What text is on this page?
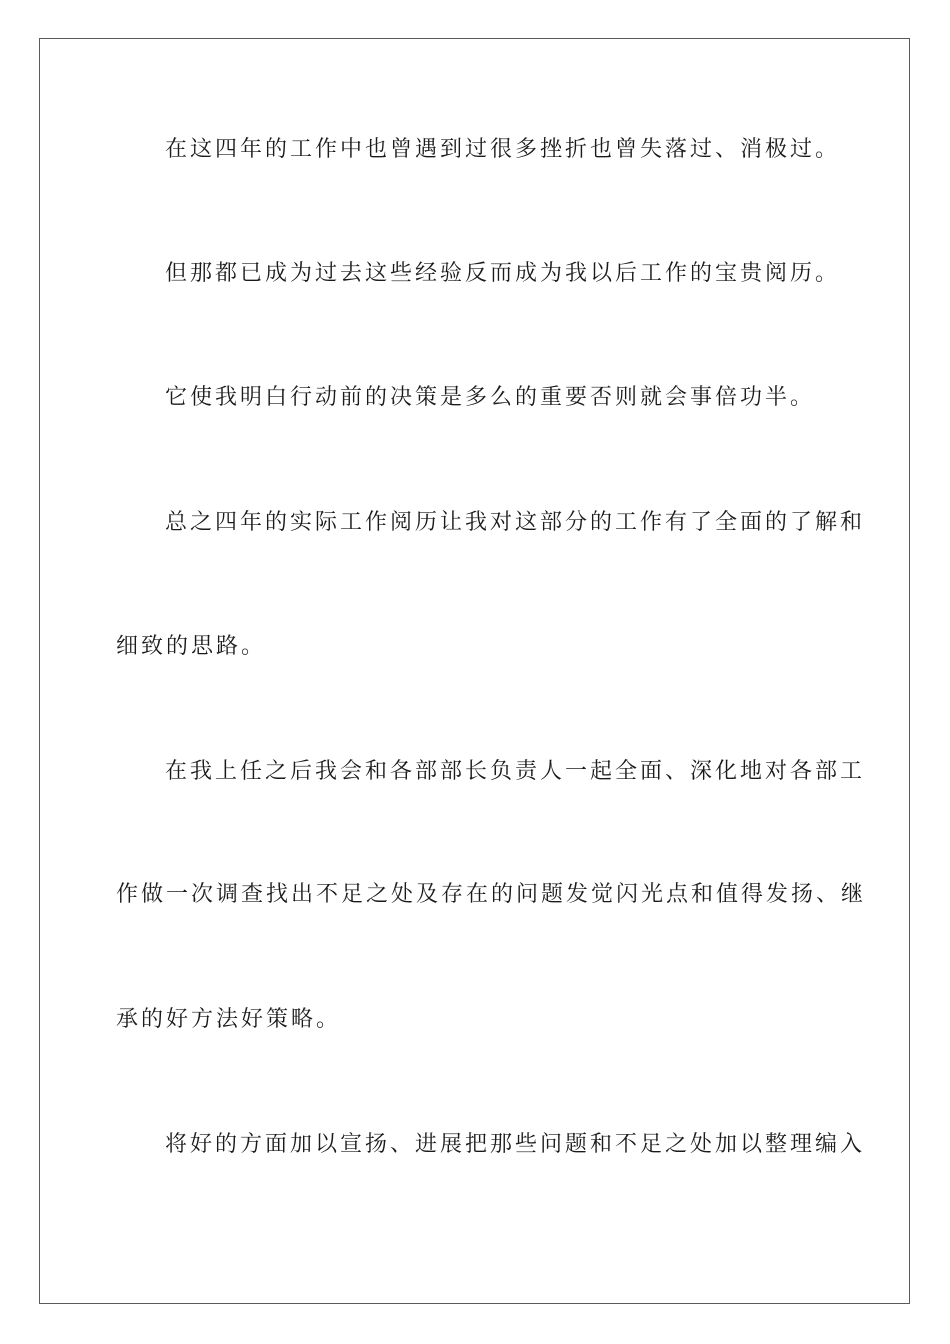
在这四年的工作中也曾遇到过很多挫折也曾失落过、消极过。
但那都已成为过去这些经验反而成为我以后工作的宝贵阅历。
它使我明白行动前的决策是多么的重要否则就会事倍功半。
总之四年的实际工作阅历让我对这部分的工作有了全面的了解和
细致的思路。
在我上任之后我会和各部部长负责人一起全面、深化地对各部工
作做一次调查找出不足之处及存在的问题发觉闪光点和值得发扬、继
承的好方法好策略。
将好的方面加以宣扬、进展把那些问题和不足之处加以整理编入
